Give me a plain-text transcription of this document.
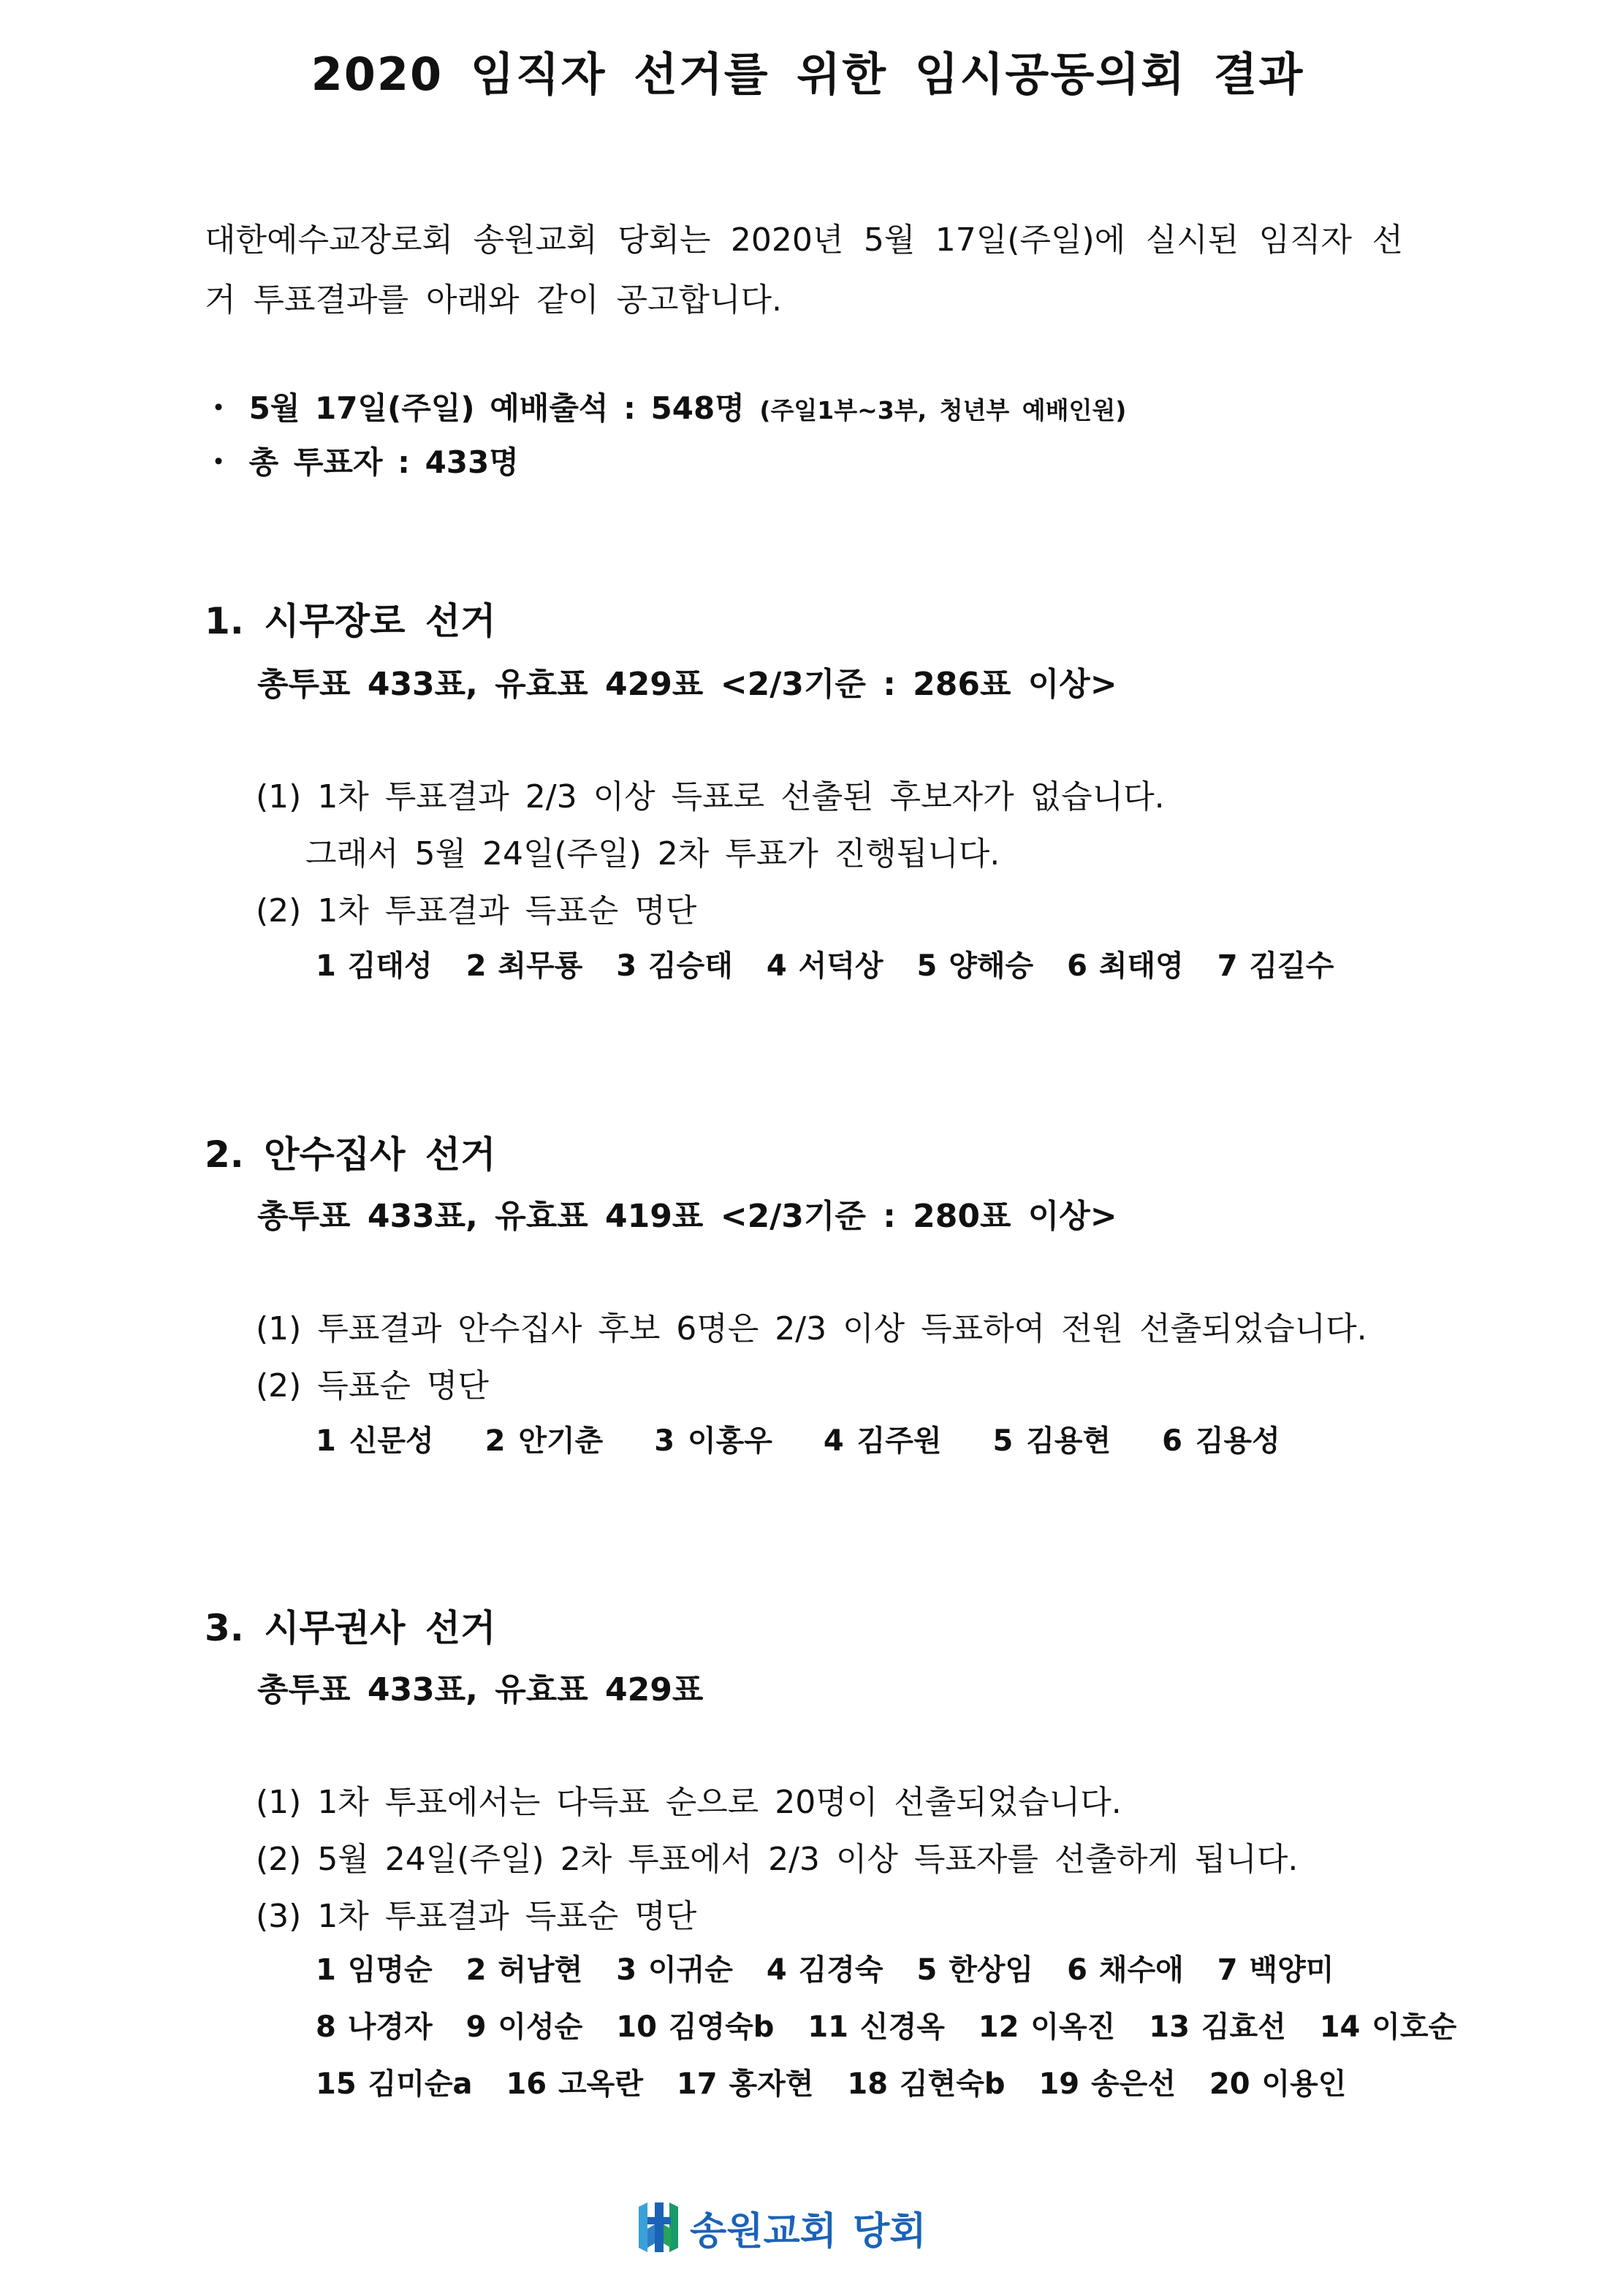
2020 임직자 선거를 위한 임시공동의회 결과
대한예수교장로회 송원교회 당회는 2020년 5월 17일(주일)에 실시된 임직자 선거 투표결과를 아래와 같이 공고합니다.
・ 5월 17일(주일) 예배출석 : 548명 (주일1부~3부, 청년부 예배인원)
・ 총 투표자 : 433명
1. 시무장로 선거
총투표 433표, 유효표 429표 <2/3기준 : 286표 이상>
(1) 1차 투표결과 2/3 이상 득표로 선출된 후보자가 없습니다.
그래서 5월 24일(주일) 2차 투표가 진행됩니다.
(2) 1차 투표결과 득표순 명단
1 김태성 2 최무룡 3 김승태 4 서덕상 5 양해승 6 최태영 7 김길수
2. 안수집사 선거
총투표 433표, 유효표 419표 <2/3기준 : 280표 이상>
(1) 투표결과 안수집사 후보 6명은 2/3 이상 득표하여 전원 선출되었습니다.
(2) 득표순 명단
1 신문성 2 안기춘 3 이홍우 4 김주원 5 김용현 6 김용성
3. 시무권사 선거
총투표 433표, 유효표 429표
(1) 1차 투표에서는 다득표 순으로 20명이 선출되었습니다.
(2) 5월 24일(주일) 2차 투표에서 2/3 이상 득표자를 선출하게 됩니다.
(3) 1차 투표결과 득표순 명단
1 임명순 2 허남현 3 이귀순 4 김경숙 5 한상임 6 채수애 7 백양미
8 나경자 9 이성순 10 김영숙b 11 신경옥 12 이옥진 13 김효선 14 이호순
15 김미순a 16 고옥란 17 홍자현 18 김현숙b 19 송은선 20 이용인
송원교회 당회
